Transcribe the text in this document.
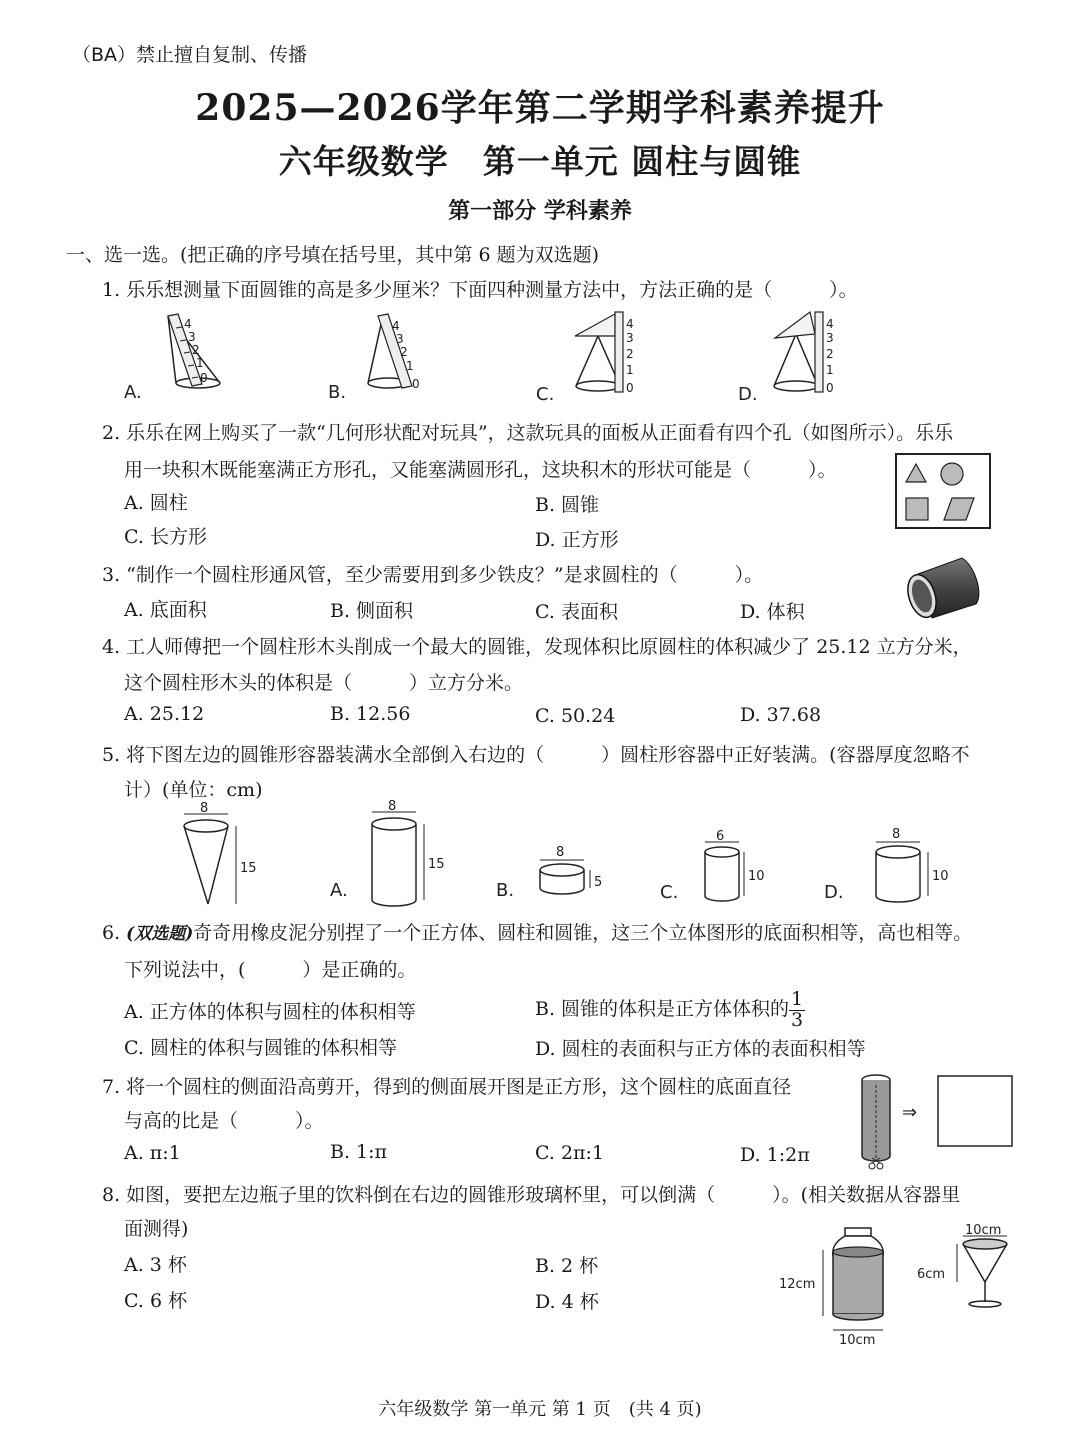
（BA）禁止擅自复制、传播
2025—2026学年第二学期学科素养提升
六年级数学　第一单元 圆柱与圆锥
第一部分 学科素养
一、选一选。(把正确的序号填在括号里，其中第 6 题为双选题)
1. 乐乐想测量下面圆锥的高是多少厘米？下面四种测量方法中，方法正确的是（　　　）。
4
3
2
1
0
A.
4
3
2
1
0
B.
4
3
2
1
0
C.
4
3
2
1
0
D.
2. 乐乐在网上购买了一款“几何形状配对玩具”，这款玩具的面板从正面看有四个孔（如图所示）。乐乐
用一块积木既能塞满正方形孔，又能塞满圆形孔，这块积木的形状可能是（　　　）。
A. 圆柱	B. 圆锥
C. 长方形	D. 正方形
3. “制作一个圆柱形通风管，至少需要用到多少铁皮？”是求圆柱的（　　　）。
A. 底面积	B. 侧面积	C. 表面积	D. 体积
4. 工人师傅把一个圆柱形木头削成一个最大的圆锥，发现体积比原圆柱的体积减少了 25.12 立方分米，
这个圆柱形木头的体积是（　　　）立方分米。
A. 25.12	B. 12.56	C. 50.24	D. 37.68
5. 将下图左边的圆锥形容器装满水全部倒入右边的（　　　）圆柱形容器中正好装满。(容器厚度忽略不
计）(单位：cm)
8
15
8
15
A.
8
5
B.
6
10
C.
8
10
D.
6. (双选题)奇奇用橡皮泥分别捏了一个正方体、圆柱和圆锥，这三个立体图形的底面积相等，高也相等。
下列说法中，(　　　）是正确的。
A. 正方体的体积与圆柱的体积相等	B. 圆锥的体积是正方体体积的 $\frac{1}{3}$
C. 圆柱的体积与圆锥的体积相等	D. 圆柱的表面积与正方体的表面积相等
7. 将一个圆柱的侧面沿高剪开，得到的侧面展开图是正方形，这个圆柱的底面直径
与高的比是（　　　）。
A. π:1	B. 1:π	C. 2π:1	D. 1:2π
⇒
8. 如图，要把左边瓶子里的饮料倒在右边的圆锥形玻璃杯里，可以倒满（　　　）。(相关数据从容器里
面测得)
A. 3 杯	B. 2 杯
C. 6 杯	D. 4 杯
12cm
10cm
10cm
6cm
六年级数学 第一单元 第 1 页　(共 4 页)
